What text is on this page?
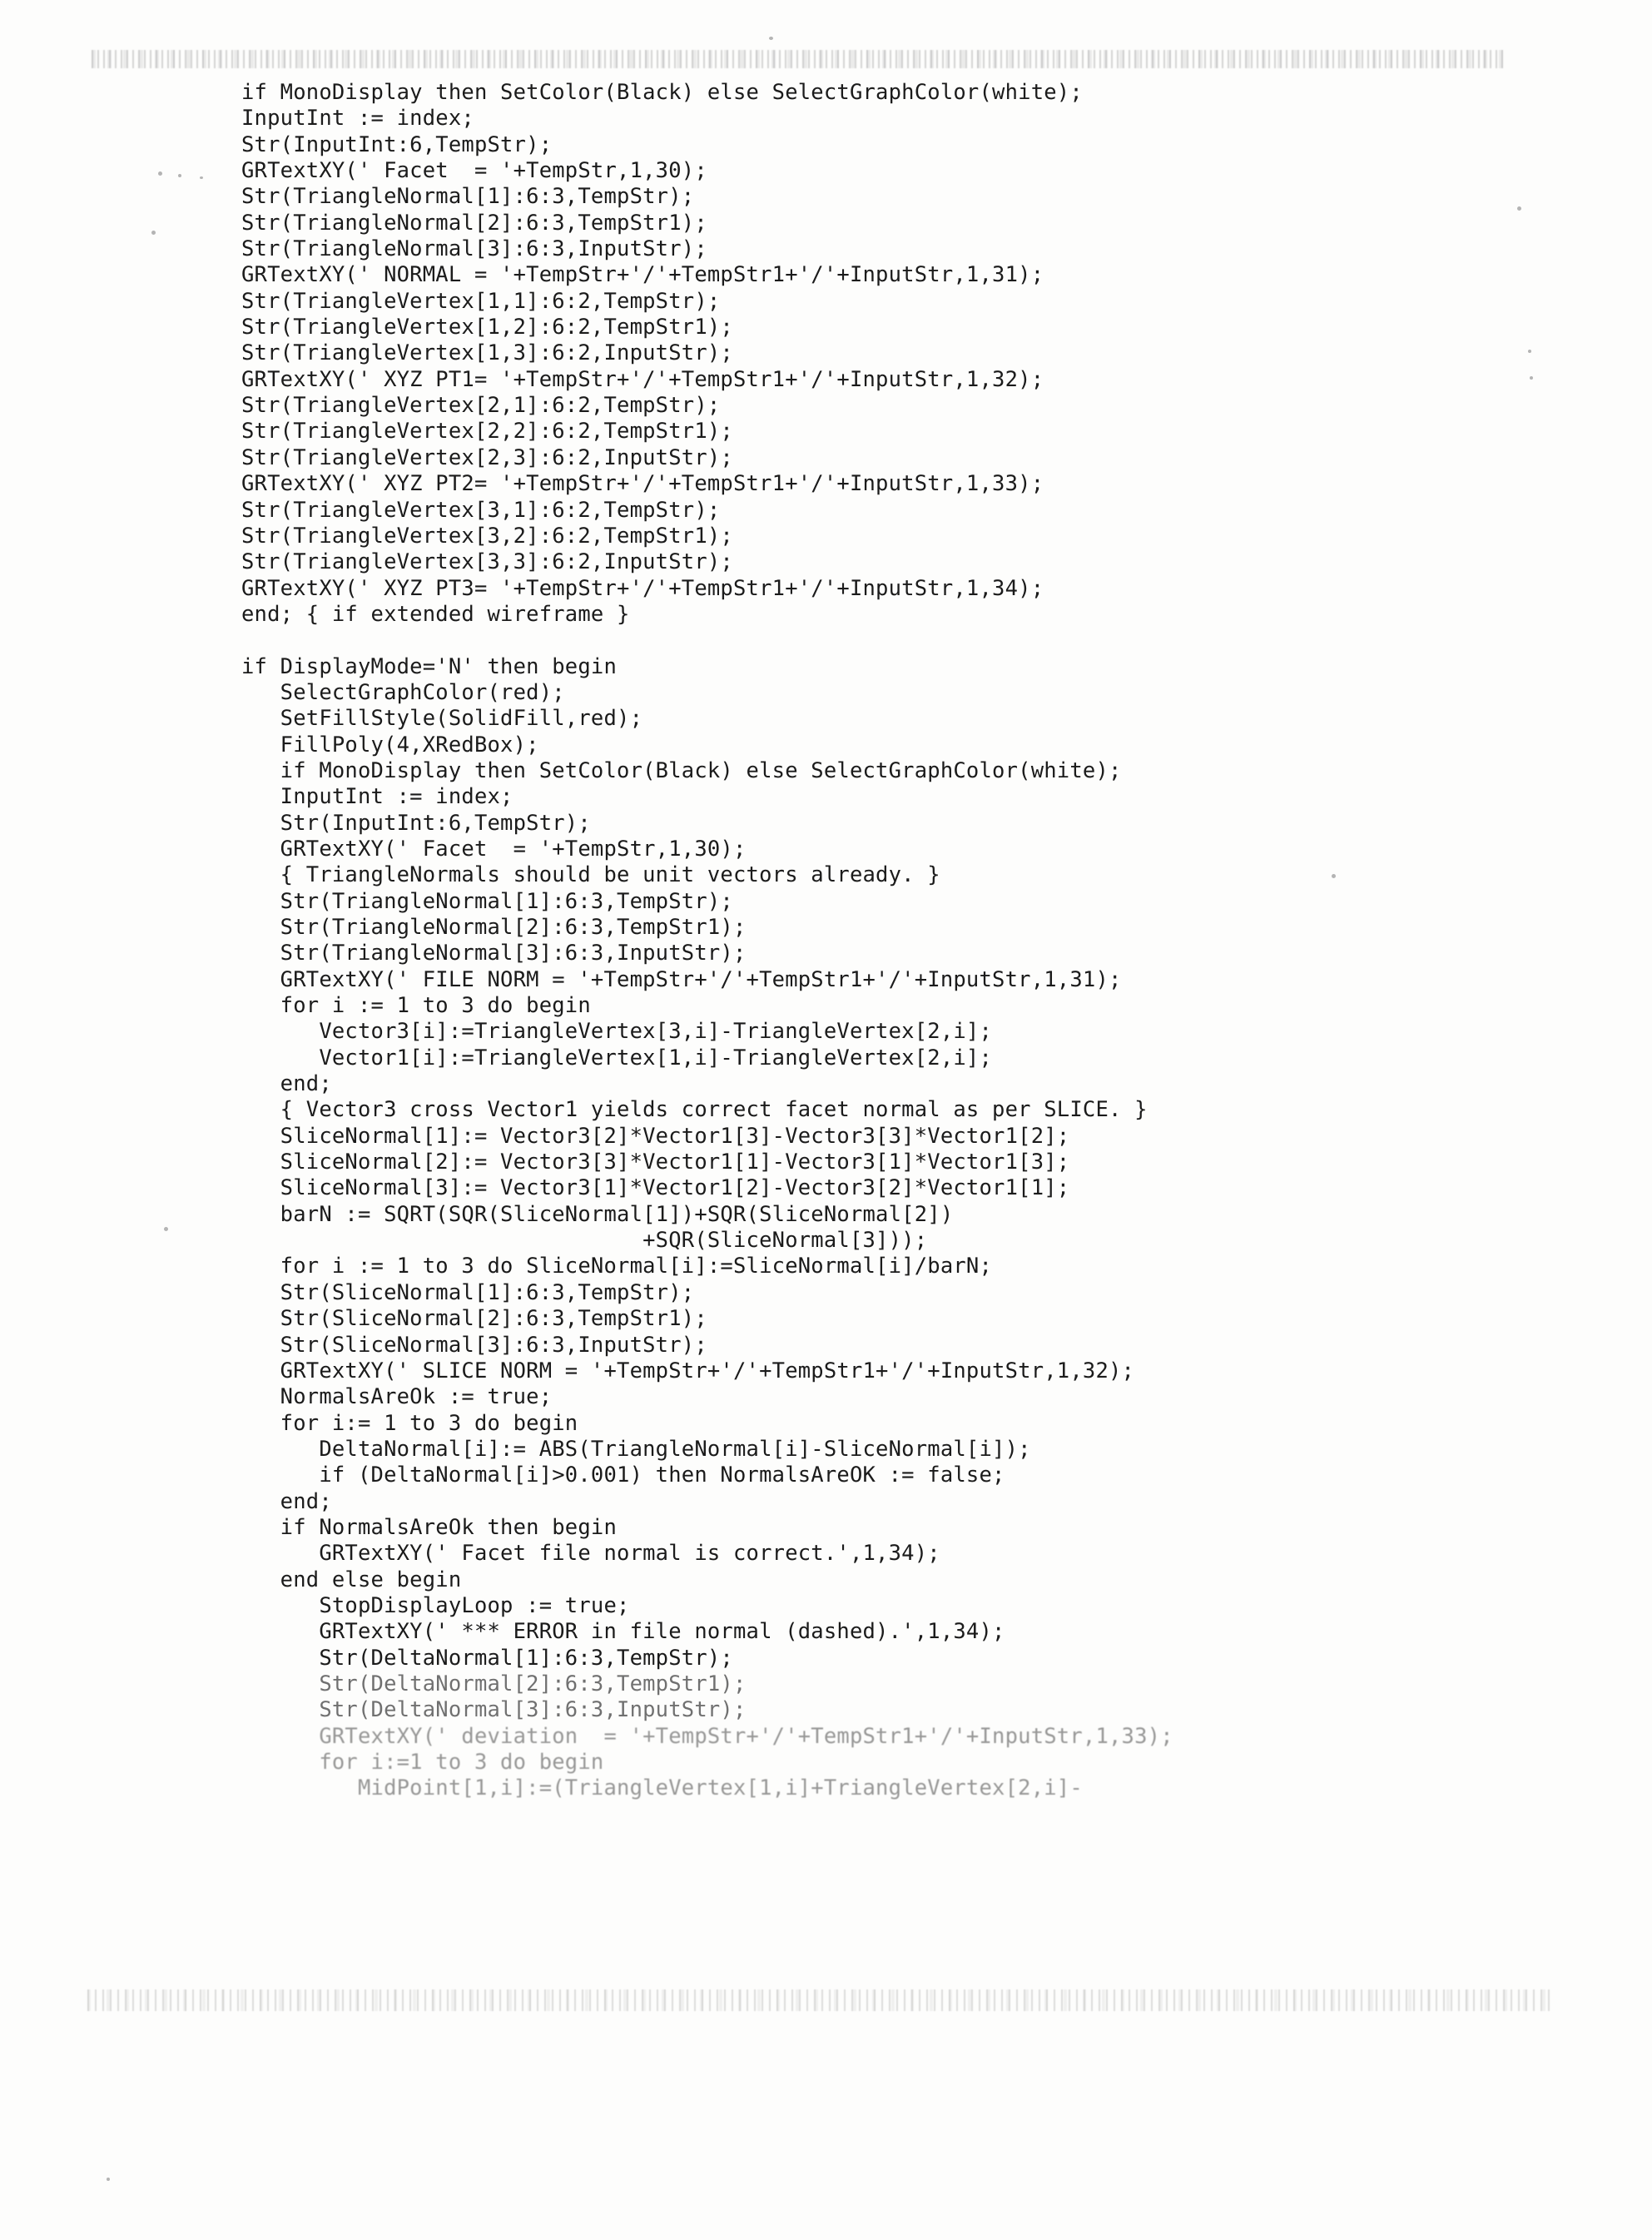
if MonoDisplay then SetColor(Black) else SelectGraphColor(white);
InputInt := index;
Str(InputInt:6,TempStr);
GRTextXY(' Facet  = '+TempStr,1,30);
Str(TriangleNormal[1]:6:3,TempStr);
Str(TriangleNormal[2]:6:3,TempStr1);
Str(TriangleNormal[3]:6:3,InputStr);
GRTextXY(' NORMAL = '+TempStr+'/'+TempStr1+'/'+InputStr,1,31);
Str(TriangleVertex[1,1]:6:2,TempStr);
Str(TriangleVertex[1,2]:6:2,TempStr1);
Str(TriangleVertex[1,3]:6:2,InputStr);
GRTextXY(' XYZ PT1= '+TempStr+'/'+TempStr1+'/'+InputStr,1,32);
Str(TriangleVertex[2,1]:6:2,TempStr);
Str(TriangleVertex[2,2]:6:2,TempStr1);
Str(TriangleVertex[2,3]:6:2,InputStr);
GRTextXY(' XYZ PT2= '+TempStr+'/'+TempStr1+'/'+InputStr,1,33);
Str(TriangleVertex[3,1]:6:2,TempStr);
Str(TriangleVertex[3,2]:6:2,TempStr1);
Str(TriangleVertex[3,3]:6:2,InputStr);
GRTextXY(' XYZ PT3= '+TempStr+'/'+TempStr1+'/'+InputStr,1,34);
end; { if extended wireframe }

if DisplayMode='N' then begin
SelectGraphColor(red);
SetFillStyle(SolidFill,red);
FillPoly(4,XRedBox);
if MonoDisplay then SetColor(Black) else SelectGraphColor(white);
InputInt := index;
Str(InputInt:6,TempStr);
GRTextXY(' Facet  = '+TempStr,1,30);
{ TriangleNormals should be unit vectors already. }
Str(TriangleNormal[1]:6:3,TempStr);
Str(TriangleNormal[2]:6:3,TempStr1);
Str(TriangleNormal[3]:6:3,InputStr);
GRTextXY(' FILE NORM = '+TempStr+'/'+TempStr1+'/'+InputStr,1,31);
for i := 1 to 3 do begin
Vector3[i]:=TriangleVertex[3,i]-TriangleVertex[2,i];
Vector1[i]:=TriangleVertex[1,i]-TriangleVertex[2,i];
end;
{ Vector3 cross Vector1 yields correct facet normal as per SLICE. }
SliceNormal[1]:= Vector3[2]*Vector1[3]-Vector3[3]*Vector1[2];
SliceNormal[2]:= Vector3[3]*Vector1[1]-Vector3[1]*Vector1[3];
SliceNormal[3]:= Vector3[1]*Vector1[2]-Vector3[2]*Vector1[1];
barN := SQRT(SQR(SliceNormal[1])+SQR(SliceNormal[2])
+SQR(SliceNormal[3]));
for i := 1 to 3 do SliceNormal[i]:=SliceNormal[i]/barN;
Str(SliceNormal[1]:6:3,TempStr);
Str(SliceNormal[2]:6:3,TempStr1);
Str(SliceNormal[3]:6:3,InputStr);
GRTextXY(' SLICE NORM = '+TempStr+'/'+TempStr1+'/'+InputStr,1,32);
NormalsAreOk := true;
for i:= 1 to 3 do begin
DeltaNormal[i]:= ABS(TriangleNormal[i]-SliceNormal[i]);
if (DeltaNormal[i]>0.001) then NormalsAreOK := false;
end;
if NormalsAreOk then begin
GRTextXY(' Facet file normal is correct.',1,34);
end else begin
StopDisplayLoop := true;
GRTextXY(' *** ERROR in file normal (dashed).',1,34);
Str(DeltaNormal[1]:6:3,TempStr);
Str(DeltaNormal[2]:6:3,TempStr1);
Str(DeltaNormal[3]:6:3,InputStr);
GRTextXY(' deviation  = '+TempStr+'/'+TempStr1+'/'+InputStr,1,33);
for i:=1 to 3 do begin
MidPoint[1,i]:=(TriangleVertex[1,i]+TriangleVertex[2,i]-
